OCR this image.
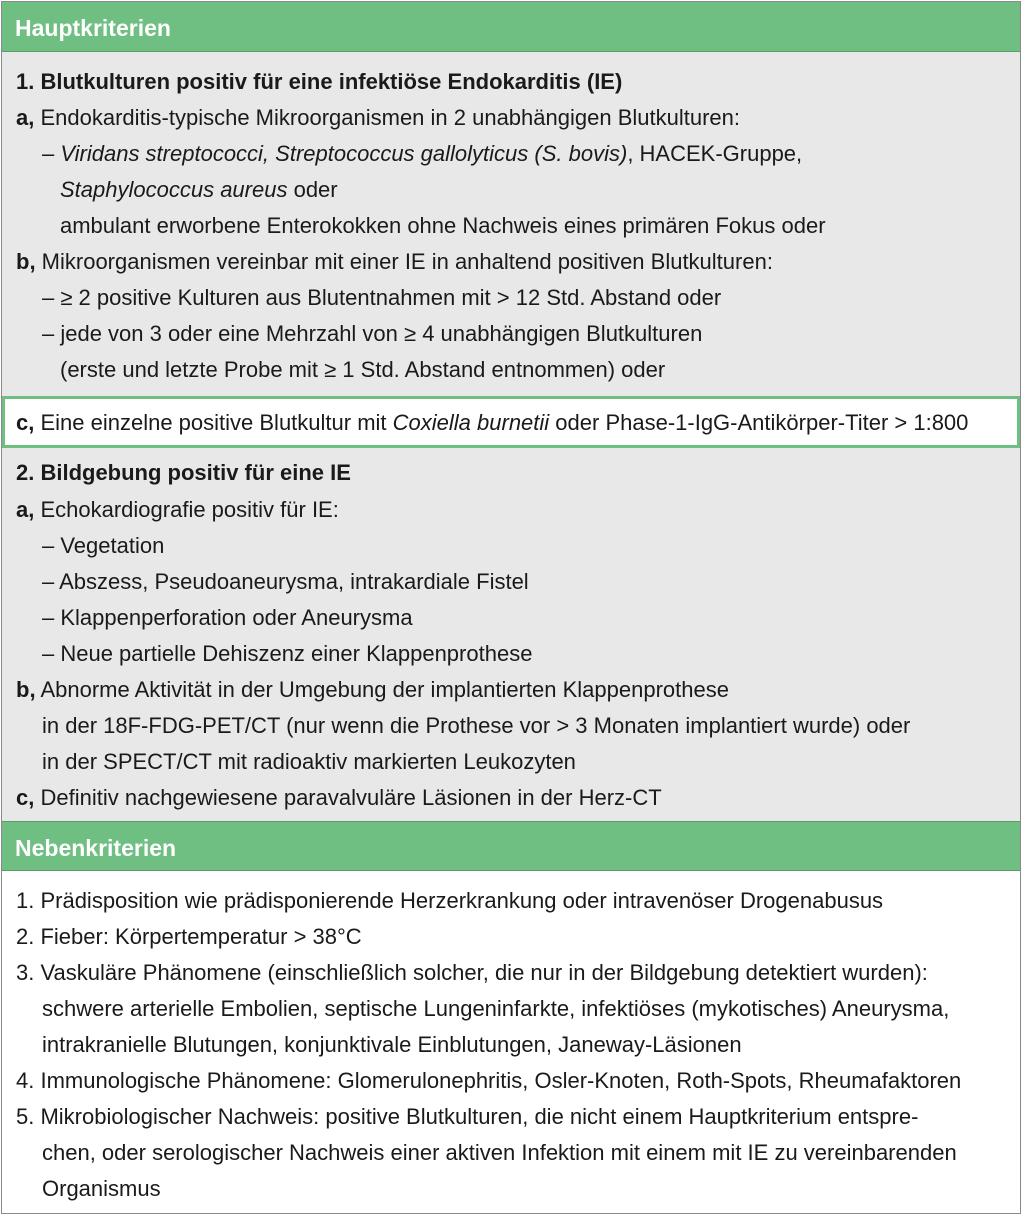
Hauptkriterien
1. Blutkulturen positiv für eine infektiöse Endokarditis (IE)
a, Endokarditis-typische Mikroorganismen in 2 unabhängigen Blutkulturen:
– Viridans streptococci, Streptococcus gallolyticus (S. bovis), HACEK-Gruppe,
Staphylococcus aureus oder
ambulant erworbene Enterokokken ohne Nachweis eines primären Fokus oder
b, Mikroorganismen vereinbar mit einer IE in anhaltend positiven Blutkulturen:
– ≥ 2 positive Kulturen aus Blutentnahmen mit > 12 Std. Abstand oder
– jede von 3 oder eine Mehrzahl von ≥ 4 unabhängigen Blutkulturen
(erste und letzte Probe mit ≥ 1 Std. Abstand entnommen) oder
c, Eine einzelne positive Blutkultur mit Coxiella burnetii oder Phase-1-IgG-Antikörper-Titer > 1:800
2. Bildgebung positiv für eine IE
a, Echokardiografie positiv für IE:
– Vegetation
– Abszess, Pseudoaneurysma, intrakardiale Fistel
– Klappenperforation oder Aneurysma
– Neue partielle Dehiszenz einer Klappenprothese
b, Abnorme Aktivität in der Umgebung der implantierten Klappenprothese
in der 18F-FDG-PET/CT (nur wenn die Prothese vor > 3 Monaten implantiert wurde) oder
in der SPECT/CT mit radioaktiv markierten Leukozyten
c, Definitiv nachgewiesene paravalvuläre Läsionen in der Herz-CT
Nebenkriterien
1. Prädisposition wie prädisponierende Herzerkrankung oder intravenöser Drogenabusus
2. Fieber: Körpertemperatur > 38°C
3. Vaskuläre Phänomene (einschließlich solcher, die nur in der Bildgebung detektiert wurden):
schwere arterielle Embolien, septische Lungeninfarkte, infektiöses (mykotisches) Aneurysma,
intrakranielle Blutungen, konjunktivale Einblutungen, Janeway-Läsionen
4. Immunologische Phänomene: Glomerulonephritis, Osler-Knoten, Roth-Spots, Rheumafaktoren
5. Mikrobiologischer Nachweis: positive Blutkulturen, die nicht einem Hauptkriterium entspre-
chen, oder serologischer Nachweis einer aktiven Infektion mit einem mit IE zu vereinbarenden
Organismus
